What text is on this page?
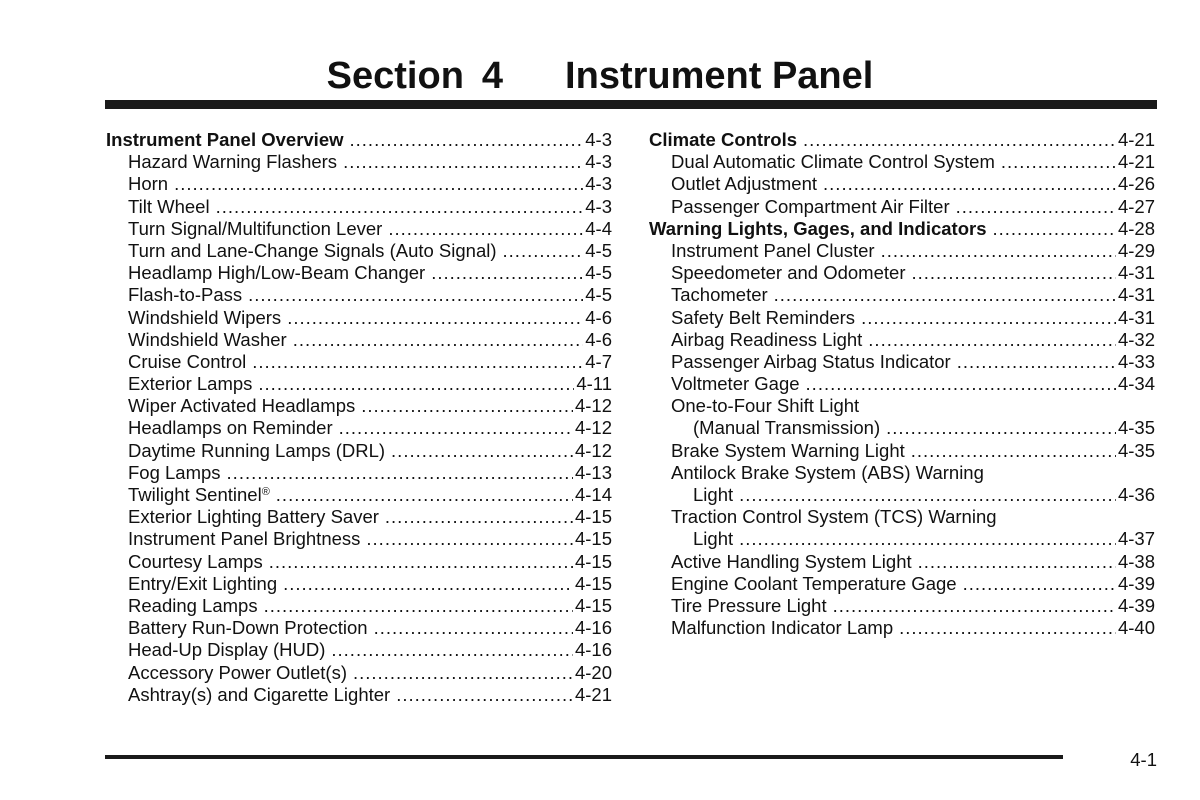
Section 4 Instrument Panel
Instrument Panel Overview .....	4-3
Hazard Warning Flashers .....	4-3
Horn .....	4-3
Tilt Wheel .....	4-3
Turn Signal/Multifunction Lever .....	4-4
Turn and Lane-Change Signals (Auto Signal) .....	4-5
Headlamp High/Low-Beam Changer .....	4-5
Flash-to-Pass .....	4-5
Windshield Wipers .....	4-6
Windshield Washer .....	4-6
Cruise Control .....	4-7
Exterior Lamps .....	4-11
Wiper Activated Headlamps .....	4-12
Headlamps on Reminder .....	4-12
Daytime Running Lamps (DRL) .....	4-12
Fog Lamps .....	4-13
Twilight Sentinel® .....	4-14
Exterior Lighting Battery Saver .....	4-15
Instrument Panel Brightness .....	4-15
Courtesy Lamps .....	4-15
Entry/Exit Lighting .....	4-15
Reading Lamps .....	4-15
Battery Run-Down Protection .....	4-16
Head-Up Display (HUD) .....	4-16
Accessory Power Outlet(s) .....	4-20
Ashtray(s) and Cigarette Lighter .....	4-21
Climate Controls .....	4-21
Dual Automatic Climate Control System .....	4-21
Outlet Adjustment .....	4-26
Passenger Compartment Air Filter .....	4-27
Warning Lights, Gages, and Indicators .....	4-28
Instrument Panel Cluster .....	4-29
Speedometer and Odometer .....	4-31
Tachometer .....	4-31
Safety Belt Reminders .....	4-31
Airbag Readiness Light .....	4-32
Passenger Airbag Status Indicator .....	4-33
Voltmeter Gage .....	4-34
One-to-Four Shift Light
(Manual Transmission) .....	4-35
Brake System Warning Light .....	4-35
Antilock Brake System (ABS) Warning
Light .....	4-36
Traction Control System (TCS) Warning
Light .....	4-37
Active Handling System Light .....	4-38
Engine Coolant Temperature Gage .....	4-39
Tire Pressure Light .....	4-39
Malfunction Indicator Lamp .....	4-40
4-1
